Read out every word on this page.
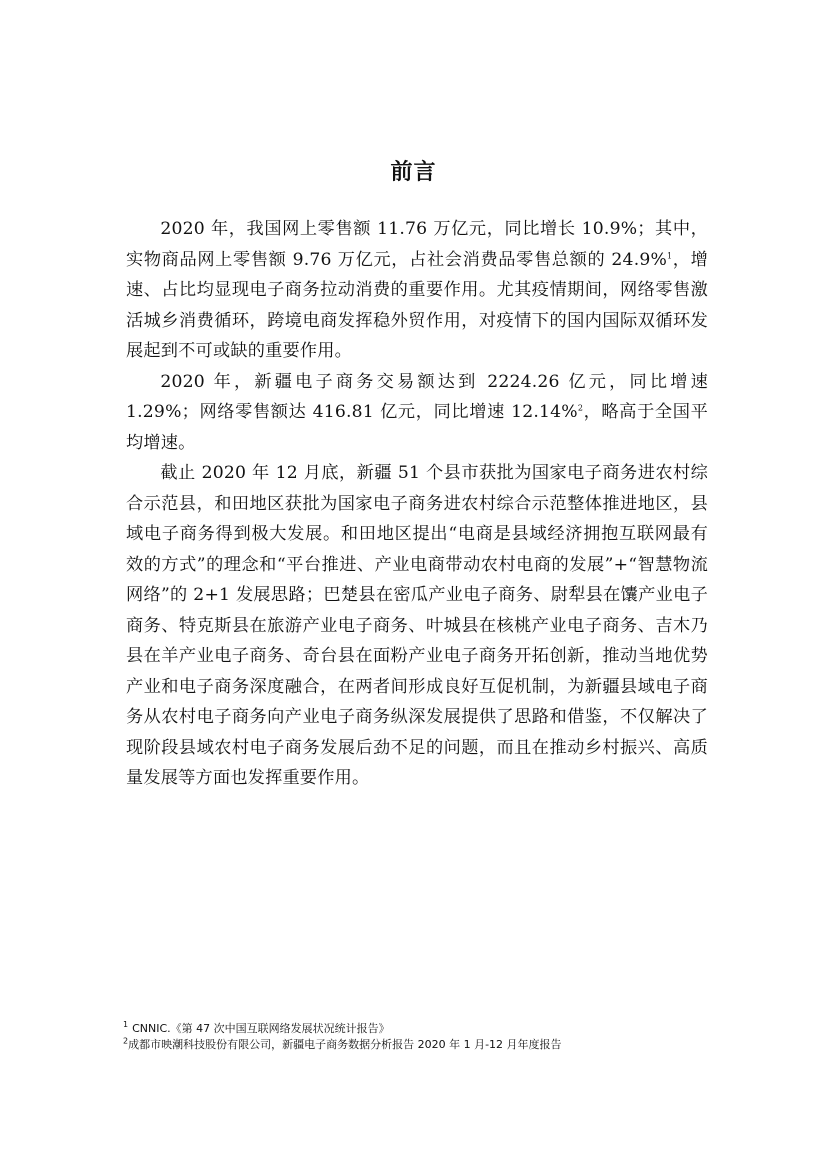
前言

2020 年，我国网上零售额 11.76 万亿元，同比增长 10.9%；其中，实物商品网上零售额 9.76 万亿元，占社会消费品零售总额的 24.9%$^1$，增速、占比均显现电子商务拉动消费的重要作用。尤其疫情期间，网络零售激活城乡消费循环，跨境电商发挥稳外贸作用，对疫情下的国内国际双循环发展起到不可或缺的重要作用。

2020 年，新疆电子商务交易额达到 2224.26 亿元，同比增速 1.29%；网络零售额达 416.81 亿元，同比增速 12.14%$^2$，略高于全国平均增速。

截止 2020 年 12 月底，新疆 51 个县市获批为国家电子商务进农村综合示范县，和田地区获批为国家电子商务进农村综合示范整体推进地区，县域电子商务得到极大发展。和田地区提出“电商是县域经济拥抱互联网最有效的方式”的理念和“平台推进、产业电商带动农村电商的发展”+“智慧物流网络”的 2+1 发展思路；巴楚县在密瓜产业电子商务、尉犁县在馕产业电子商务、特克斯县在旅游产业电子商务、叶城县在核桃产业电子商务、吉木乃县在羊产业电子商务、奇台县在面粉产业电子商务开拓创新，推动当地优势产业和电子商务深度融合，在两者间形成良好互促机制，为新疆县域电子商务从农村电子商务向产业电子商务纵深发展提供了思路和借鉴，不仅解决了现阶段县域农村电子商务发展后劲不足的问题，而且在推动乡村振兴、高质量发展等方面也发挥重要作用。

$^1$ CNNIC.《第 47 次中国互联网络发展状况统计报告》

$^2$成都市映潮科技股份有限公司，新疆电子商务数据分析报告 2020 年 1 月-12 月年度报告
